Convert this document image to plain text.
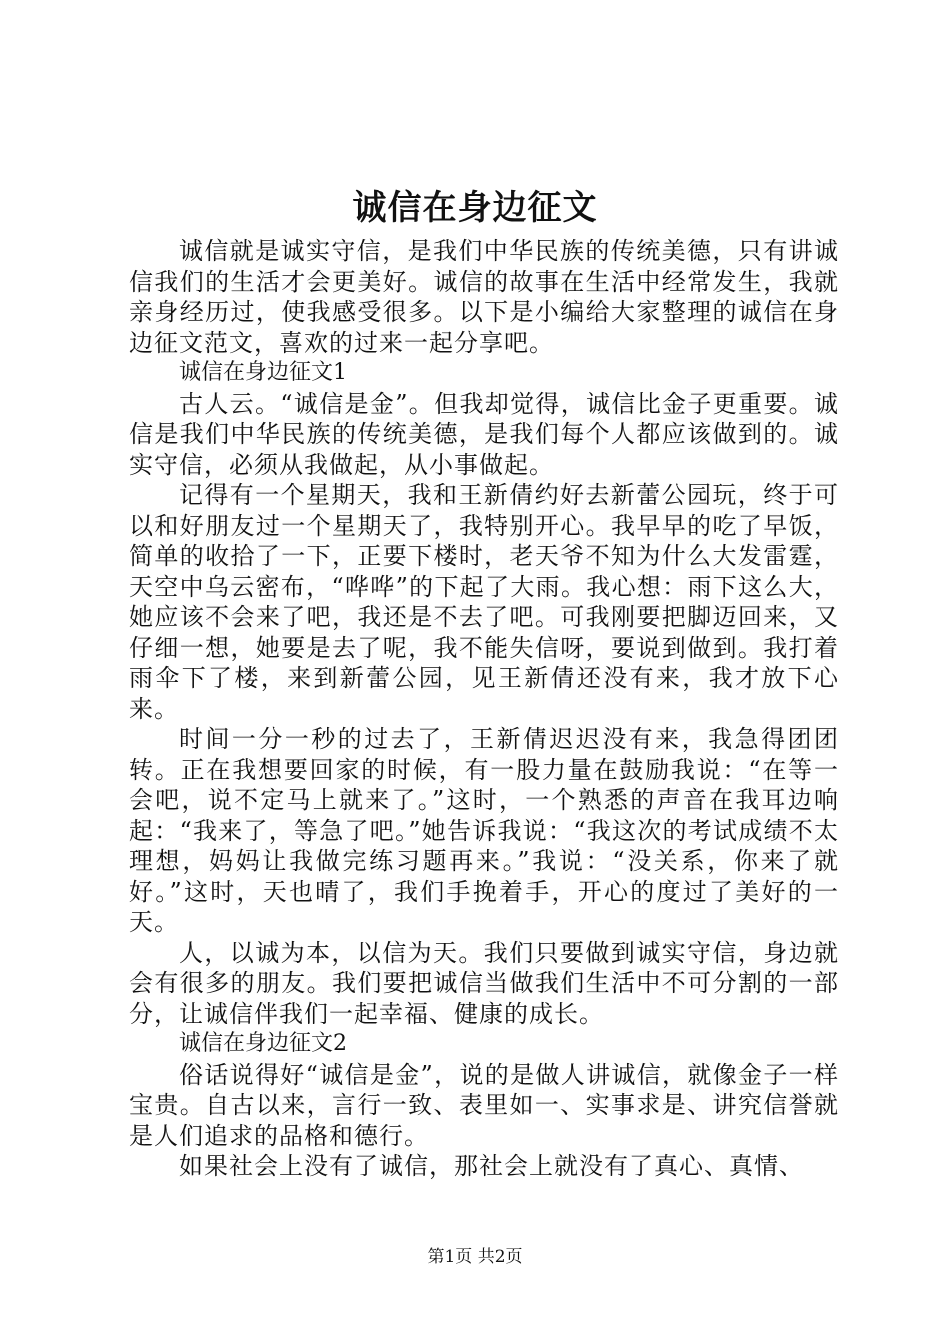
诚信在身边征文

诚信就是诚实守信，是我们中华民族的传统美德，只有讲诚信我们的生活才会更美好。诚信的故事在生活中经常发生，我就亲身经历过，使我感受很多。以下是小编给大家整理的诚信在身边征文范文，喜欢的过来一起分享吧。

诚信在身边征文1

古人云。“诚信是金”。但我却觉得，诚信比金子更重要。诚信是我们中华民族的传统美德，是我们每个人都应该做到的。诚实守信，必须从我做起，从小事做起。

记得有一个星期天，我和王新倩约好去新蕾公园玩，终于可以和好朋友过一个星期天了，我特别开心。我早早的吃了早饭，简单的收拾了一下，正要下楼时，老天爷不知为什么大发雷霆，天空中乌云密布，“哗哗”的下起了大雨。我心想：雨下这么大，她应该不会来了吧，我还是不去了吧。可我刚要把脚迈回来，又仔细一想，她要是去了呢，我不能失信呀，要说到做到。我打着雨伞下了楼，来到新蕾公园，见王新倩还没有来，我才放下心来。

时间一分一秒的过去了，王新倩迟迟没有来，我急得团团转。正在我想要回家的时候，有一股力量在鼓励我说：“在等一会吧，说不定马上就来了。”这时，一个熟悉的声音在我耳边响起：“我来了，等急了吧。”她告诉我说：“我这次的考试成绩不太理想，妈妈让我做完练习题再来。”我说：“没关系，你来了就好。”这时，天也晴了，我们手挽着手，开心的度过了美好的一天。

人，以诚为本，以信为天。我们只要做到诚实守信，身边就会有很多的朋友。我们要把诚信当做我们生活中不可分割的一部分，让诚信伴我们一起幸福、健康的成长。

诚信在身边征文2

俗话说得好“诚信是金”，说的是做人讲诚信，就像金子一样宝贵。自古以来，言行一致、表里如一、实事求是、讲究信誉就是人们追求的品格和德行。

如果社会上没有了诚信，那社会上就没有了真心、真情、

第1页 共2页
